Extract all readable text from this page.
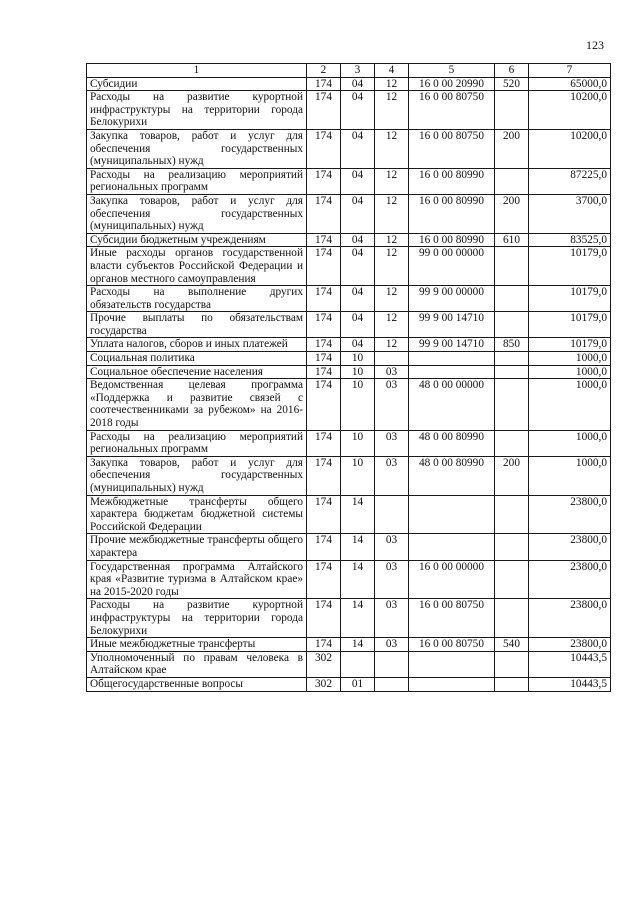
123
1	2	3	4	5	6	7
Субсидии	174	04	12	16 0 00 20990	520	65000,0
Расходы на развитие курортной инфраструктуры на территории города Белокурихи	174	04	12	16 0 00 80750		10200,0
Закупка товаров, работ и услуг для обеспечения государственных (муниципальных) нужд	174	04	12	16 0 00 80750	200	10200,0
Расходы на реализацию мероприятий региональных программ	174	04	12	16 0 00 80990		87225,0
Закупка товаров, работ и услуг для обеспечения государственных (муниципальных) нужд	174	04	12	16 0 00 80990	200	3700,0
Субсидии бюджетным учреждениям	174	04	12	16 0 00 80990	610	83525,0
Иные расходы органов государственной власти субъектов Российской Федерации и органов местного самоуправления	174	04	12	99 0 00 00000		10179,0
Расходы на выполнение других обязательств государства	174	04	12	99 9 00 00000		10179,0
Прочие выплаты по обязательствам государства	174	04	12	99 9 00 14710		10179,0
Уплата налогов, сборов и иных платежей	174	04	12	99 9 00 14710	850	10179,0
Социальная политика	174	10				1000,0
Социальное обеспечение населения	174	10	03			1000,0
Ведомственная целевая программа «Поддержка и развитие связей с соотечественниками за рубежом» на 2016-2018 годы	174	10	03	48 0 00 00000		1000,0
Расходы на реализацию мероприятий региональных программ	174	10	03	48 0 00 80990		1000,0
Закупка товаров, работ и услуг для обеспечения государственных (муниципальных) нужд	174	10	03	48 0 00 80990	200	1000,0
Межбюджетные трансферты общего характера бюджетам бюджетной системы Российской Федерации	174	14				23800,0
Прочие межбюджетные трансферты общего характера	174	14	03			23800,0
Государственная программа Алтайского края «Развитие туризма в Алтайском крае» на 2015-2020 годы	174	14	03	16 0 00 00000		23800,0
Расходы на развитие курортной инфраструктуры на территории города Белокурихи	174	14	03	16 0 00 80750		23800,0
Иные межбюджетные трансферты	174	14	03	16 0 00 80750	540	23800,0
Уполномоченный по правам человека в Алтайском крае	302					10443,5
Общегосударственные вопросы	302	01				10443,5
